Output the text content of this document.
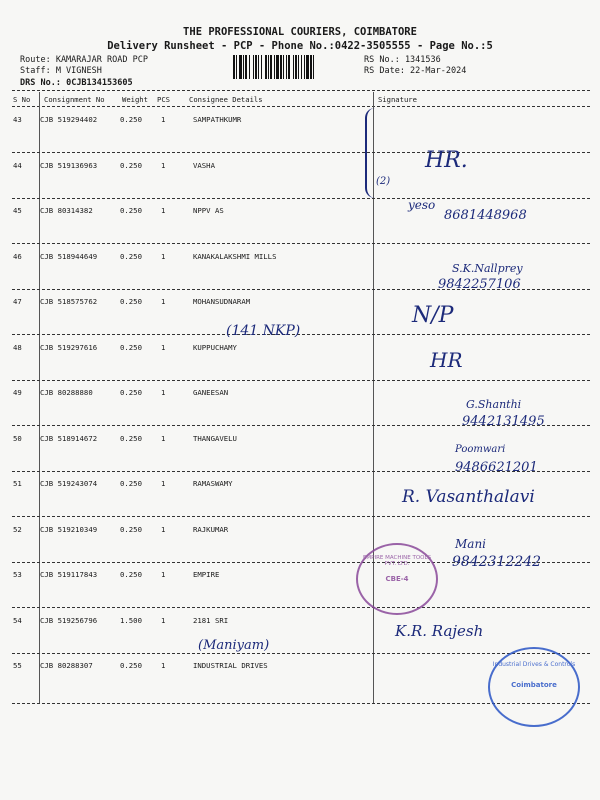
THE PROFESSIONAL COURIERS, COIMBATORE
Delivery Runsheet - PCP - Phone No.:0422-3505555 - Page No.:5
Route: KAMARAJAR ROAD PCP
Staff: M VIGNESH
DRS No.: 0CJB134153605
RS No.: 1341536
RS Date: 22-Mar-2024
S No Consignment No Weight PCS	Consignee Details	Signature
43 CJB 519294402	0.250	1	SAMPATHKUMR
44 CJB 519136963	0.250	1	VASHA
45 CJB 80314382	0.250	1	NPPV AS
46 CJB 518944649	0.250	1	KANAKALAKSHMI MILLS
47 CJB 518575762	0.250	1	MOHANSUDNARAM
48 CJB 519297616	0.250	1	KUPPUCHAMY
49 CJB 80288880	0.250	1	GANEESAN
50 CJB 518914672	0.250	1	THANGAVELU
51 CJB 519243074	0.250	1	RAMASWAMY
52 CJB 519210349	0.250	1	RAJKUMAR
53 CJB 519117843	0.250	1	EMPIRE
54 CJB 519256796	1.500	1	2181 SRI
55 CJB 80288307	0.250	1	INDUSTRIAL DRIVES
(2)
HR.
yeso
8681448968
S.K.Nallprey
9842257106
(141 NKP)
N/P
HR
G.Shanthi
9442131495
Poomwari
9486621201
R. Vasanthalavi
Mani
9842312242
K.R. Rajesh
(Maniyam)
EMPIRE MACHINE TOOLS PVT. LTD.
CBE-4
Industrial Drives & Controls
Coimbatore
